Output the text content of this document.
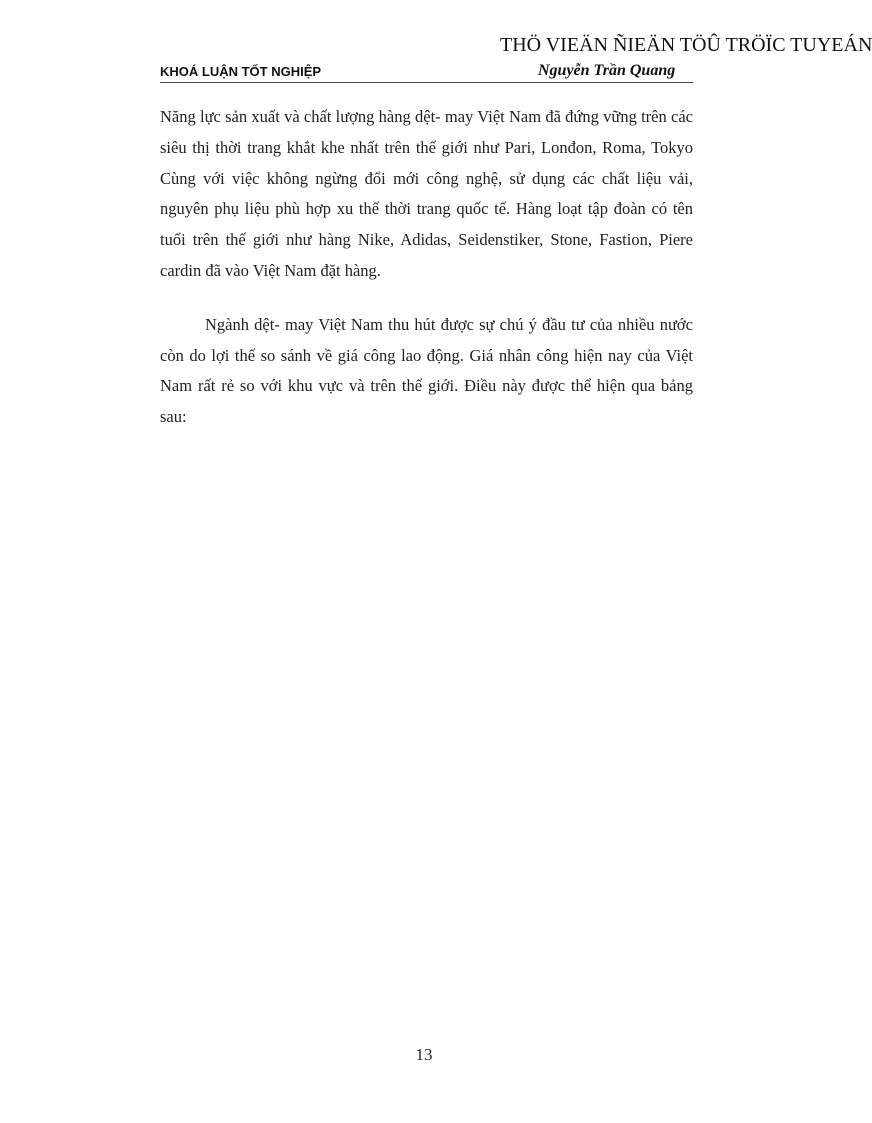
THÖ VIEÄN ÑIEÄN TÖÛ TRÖÏC TUYEÁN
KHOÁ LUẬN TỐT NGHIỆP	Nguyễn Trần Quang

Năng lực sản xuất và chất lượng hàng dệt- may Việt Nam đã đứng vững trên các siêu thị thời trang khắt khe nhất trên thế giới như Pari, Lonđon, Roma, Tokyo Cùng với việc không ngừng đổi mới công nghệ, sử dụng các chất liệu vải, nguyên phụ liệu phù hợp xu thế thời trang quốc tế. Hàng loạt tập đoàn có tên tuổi trên thế giới như hàng Nike, Adidas, Seidenstiker, Stone, Fastion, Piere cardin đã vào Việt Nam đặt hàng.

Ngành dệt- may Việt Nam thu hút được sự chú ý đầu tư của nhiều nước còn do lợi thế so sánh về giá công lao động. Giá nhân công hiện nay của Việt Nam rất rẻ so với khu vực và trên thế giới. Điều này được thể hiện qua bảng sau:

13
